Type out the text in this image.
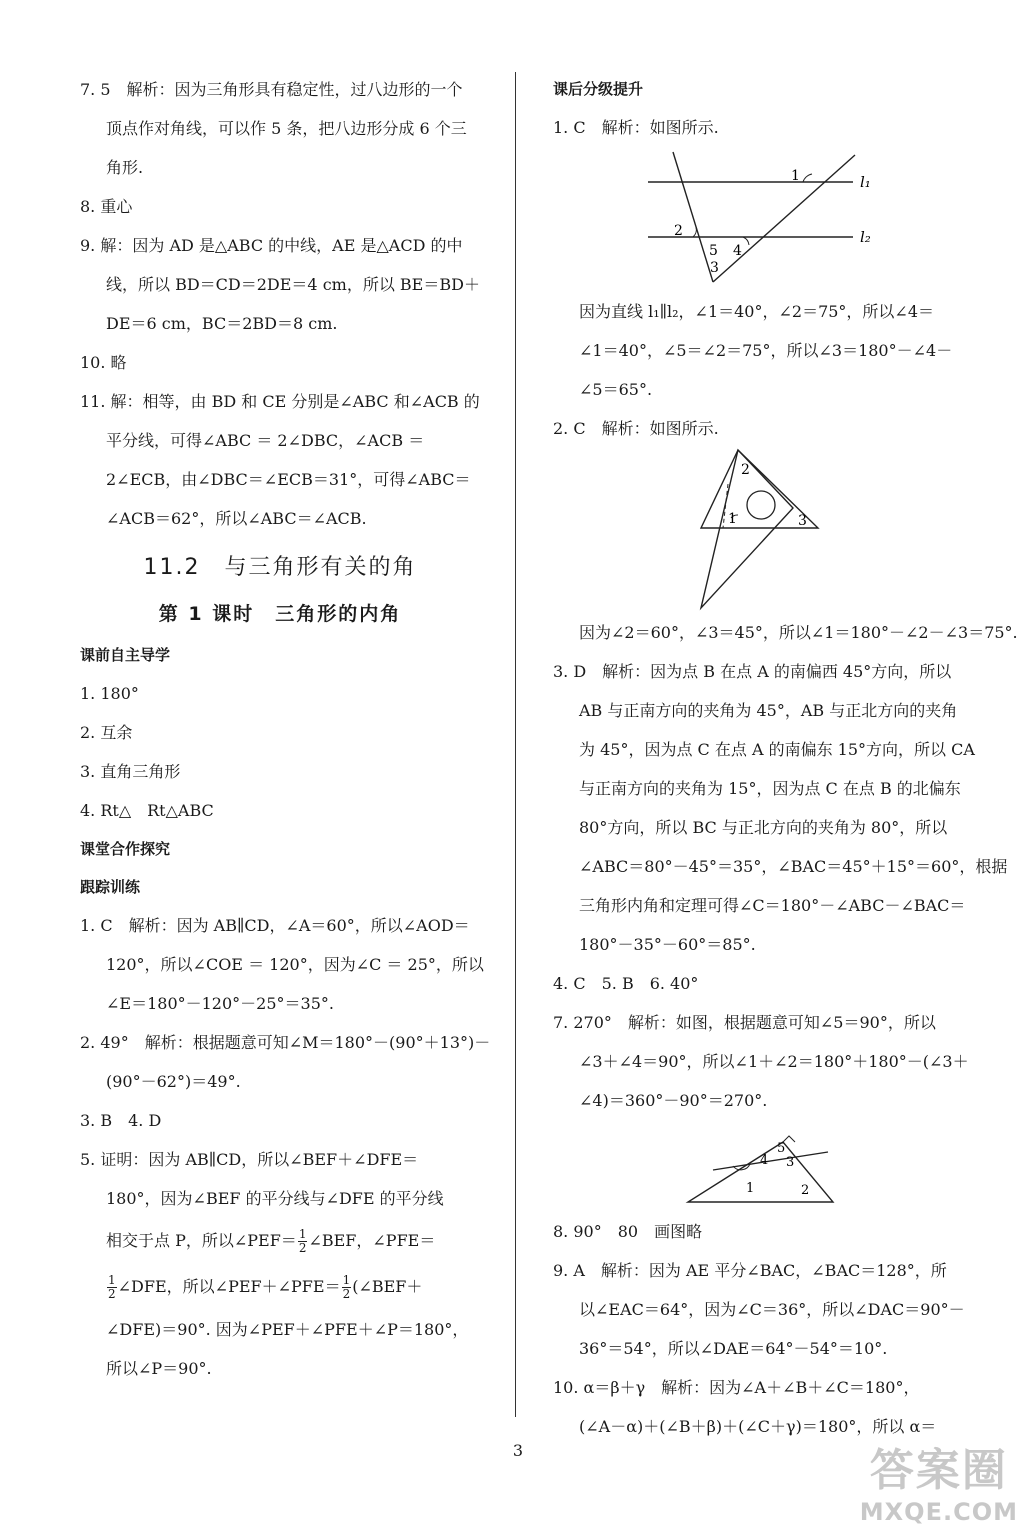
7. 5　解析：因为三角形具有稳定性，过八边形的一个

顶点作对角线，可以作 5 条，把八边形分成 6 个三

角形.

8. 重心

9. 解：因为 AD 是△ABC 的中线，AE 是△ACD 的中

线，所以 BD＝CD＝2DE＝4 cm，所以 BE＝BD＋

DE＝6 cm，BC＝2BD＝8 cm.

10. 略

11. 解：相等，由 BD 和 CE 分别是∠ABC 和∠ACB 的

平分线，可得∠ABC ＝ 2∠DBC，∠ACB ＝

2∠ECB，由∠DBC＝∠ECB＝31°，可得∠ABC＝

∠ACB＝62°，所以∠ABC＝∠ACB.

11.2　与三角形有关的角

第 1 课时　三角形的内角

课前自主导学

1. 180°

2. 互余

3. 直角三角形

4. Rt△　Rt△ABC

课堂合作探究

跟踪训练

1. C　解析：因为 AB∥CD，∠A＝60°，所以∠AOD＝

120°，所以∠COE ＝ 120°，因为∠C ＝ 25°，所以

∠E＝180°－120°－25°＝35°.

2. 49°　解析：根据题意可知∠M＝180°－(90°＋13°)－

(90°－62°)＝49°.

3. B　4. D

5. 证明：因为 AB∥CD，所以∠BEF＋∠DFE＝

180°，因为∠BEF 的平分线与∠DFE 的平分线

相交于点 P，所以∠PEF＝ $\frac{1}{2}$ ∠BEF，∠PFE＝

$\frac{1}{2}$ ∠DFE，所以∠PEF＋∠PFE＝ $\frac{1}{2}$ (∠BEF＋

∠DFE)＝90°. 因为∠PEF＋∠PFE＋∠P＝180°，

所以∠P＝90°.

课后分级提升

1. C　解析：如图所示.

l₁
l₂
1
2
3
4
5

因为直线 l₁∥l₂，∠1＝40°，∠2＝75°，所以∠4＝

∠1＝40°，∠5＝∠2＝75°，所以∠3＝180°－∠4－

∠5＝65°.

2. C　解析：如图所示.

2
1	3

因为∠2＝60°，∠3＝45°，所以∠1＝180°－∠2－∠3＝75°.

3. D　解析：因为点 B 在点 A 的南偏西 45°方向，所以

AB 与正南方向的夹角为 45°，AB 与正北方向的夹角

为 45°，因为点 C 在点 A 的南偏东 15°方向，所以 CA

与正南方向的夹角为 15°，因为点 C 在点 B 的北偏东

80°方向，所以 BC 与正北方向的夹角为 80°，所以

∠ABC＝80°－45°＝35°，∠BAC＝45°＋15°＝60°，根据

三角形内角和定理可得∠C＝180°－∠ABC－∠BAC＝

180°－35°－60°＝85°.

4. C　5. B　6. 40°

7. 270°　解析：如图，根据题意可知∠5＝90°，所以

∠3＋∠4＝90°，所以∠1＋∠2＝180°＋180°－(∠3＋

∠4)＝360°－90°＝270°.

1	2
3
4
5

8. 90°　80　画图略

9. A　解析：因为 AE 平分∠BAC，∠BAC＝128°，所

以∠EAC＝64°，因为∠C＝36°，所以∠DAC＝90°－

36°＝54°，所以∠DAE＝64°－54°＝10°.

10. α＝β＋γ　解析：因为∠A＋∠B＋∠C＝180°，

(∠A－α)＋(∠B＋β)＋(∠C＋γ)＝180°，所以 α＝

3	答案圈
MXQE.COM
